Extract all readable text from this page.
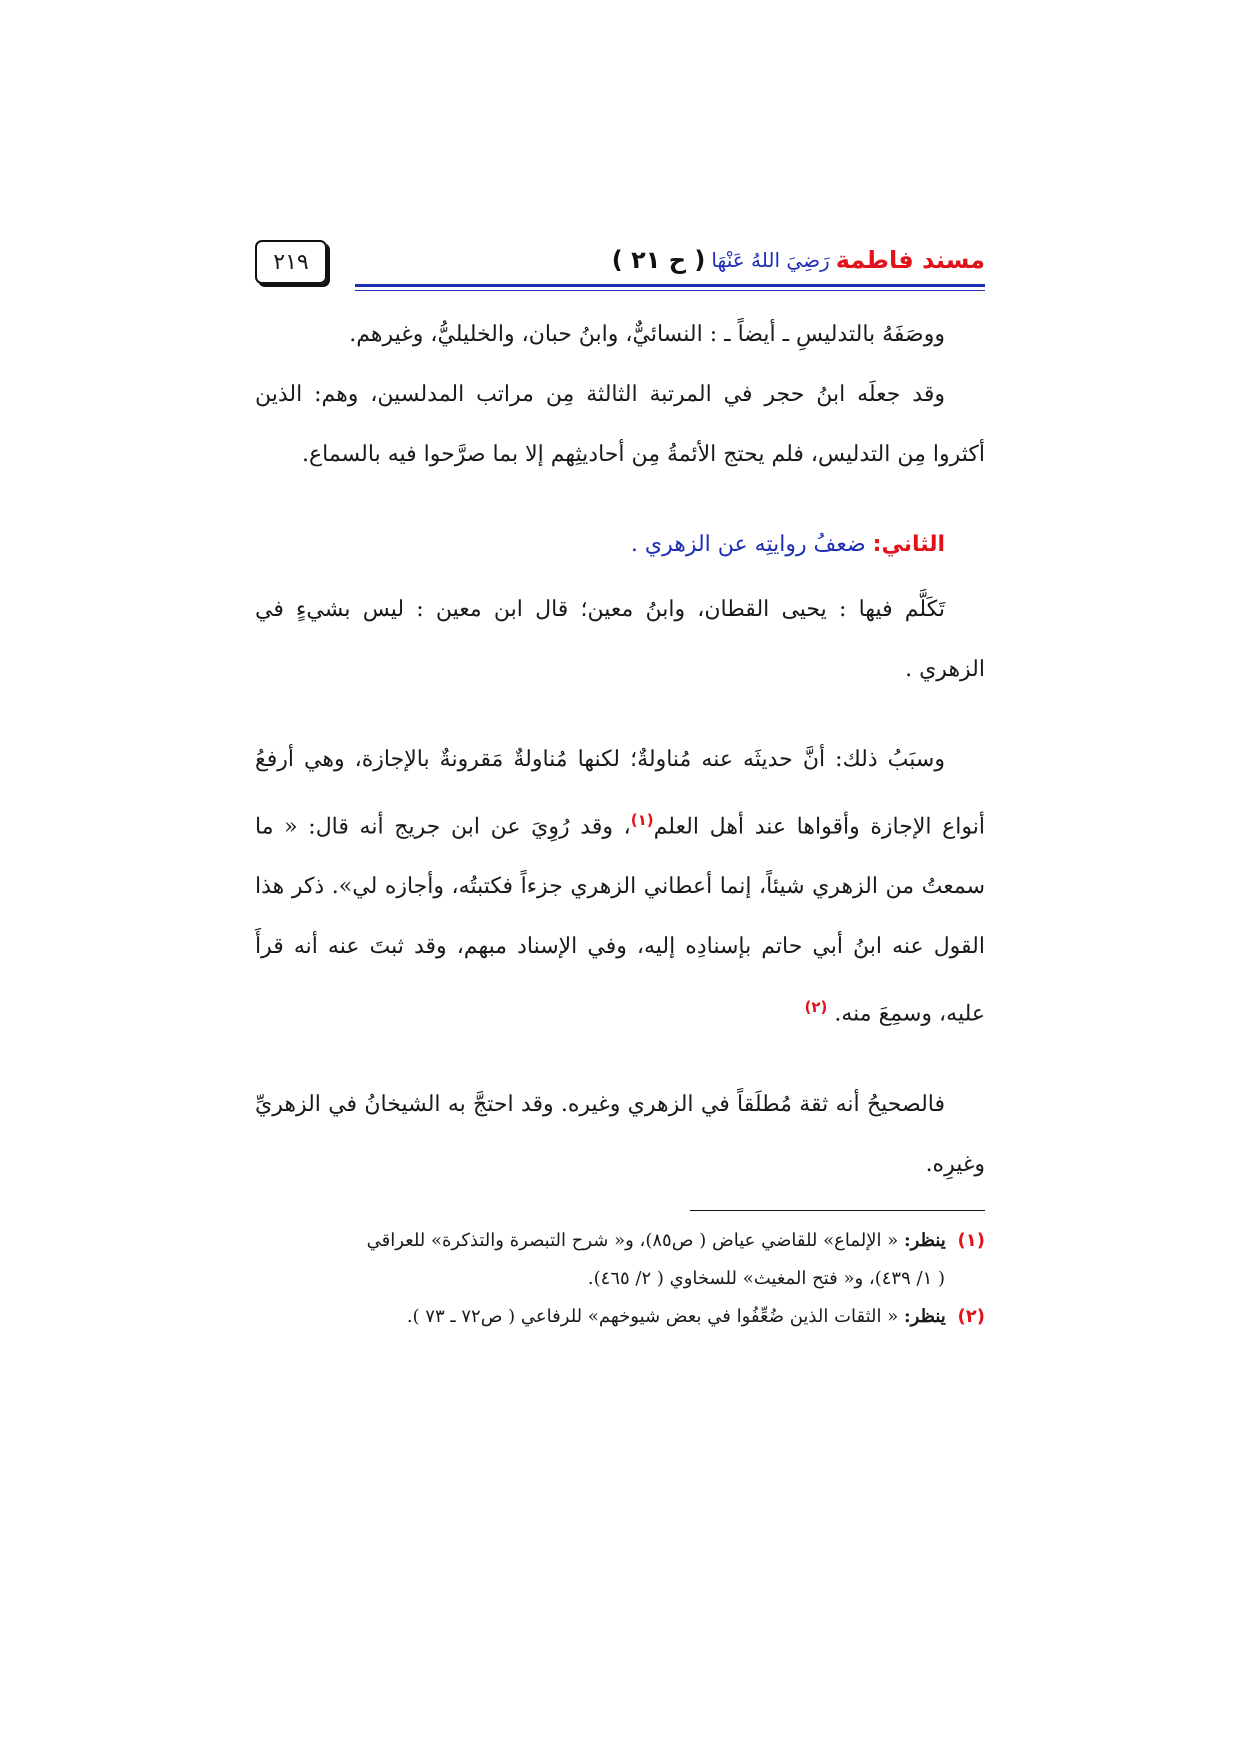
٢١٩	مسند فاطمة
رَضِيَ اللهُ عَنْهَا
( ح ٢١ )

ووصَفَهُ بالتدليسِ ـ أيضاً ـ : النسائيٌّ، وابنُ حبان، والخليليُّ، وغيرهم.

وقد جعلَه ابنُ حجر في المرتبة الثالثة مِن مراتب المدلسين، وهم: الذين أكثروا مِن التدليس، فلم يحتج الأئمةُ مِن أحاديثِهم إلا بما صرَّحوا فيه بالسماع.

الثاني: ضعفُ روايتِه عن الزهري .

تَكَلَّم فيها : يحيى القطان، وابنُ معين؛ قال ابن معين : ليس بشيءٍ في الزهري .

وسبَبُ ذلك: أنَّ حديثَه عنه مُناولةٌ؛ لكنها مُناولةٌ مَقرونةٌ بالإجازة، وهي أرفعُ أنواع الإجازة وأقواها عند أهل العلم$^{(١)}$، وقد رُوِيَ عن ابن جريج أنه قال: « ما سمعتُ من الزهري شيئاً، إنما أعطاني الزهري جزءاً فكتبتُه، وأجازه لي». ذكر هذا القول عنه ابنُ أبي حاتم بإسنادِه إليه، وفي الإسناد مبهم، وقد ثبتَ عنه أنه قرأَ عليه، وسمِعَ منه. $^{(٢)}$

فالصحيحُ أنه ثقة مُطلَقاً في الزهري وغيره. وقد احتجَّ به الشيخانُ في الزهريِّ وغيرِه.

(١) ينظر: « الإلماع» للقاضي عياض ( ص٨٥)، و« شرح التبصرة والتذكرة» للعراقي
( ١/ ٤٣٩)، و« فتح المغيث» للسخاوي ( ٢/ ٤٦٥).

(٢) ينظر: « الثقات الذين ضُعِّفُوا في بعض شيوخهم» للرفاعي ( ص٧٢ ـ ٧٣ ).
